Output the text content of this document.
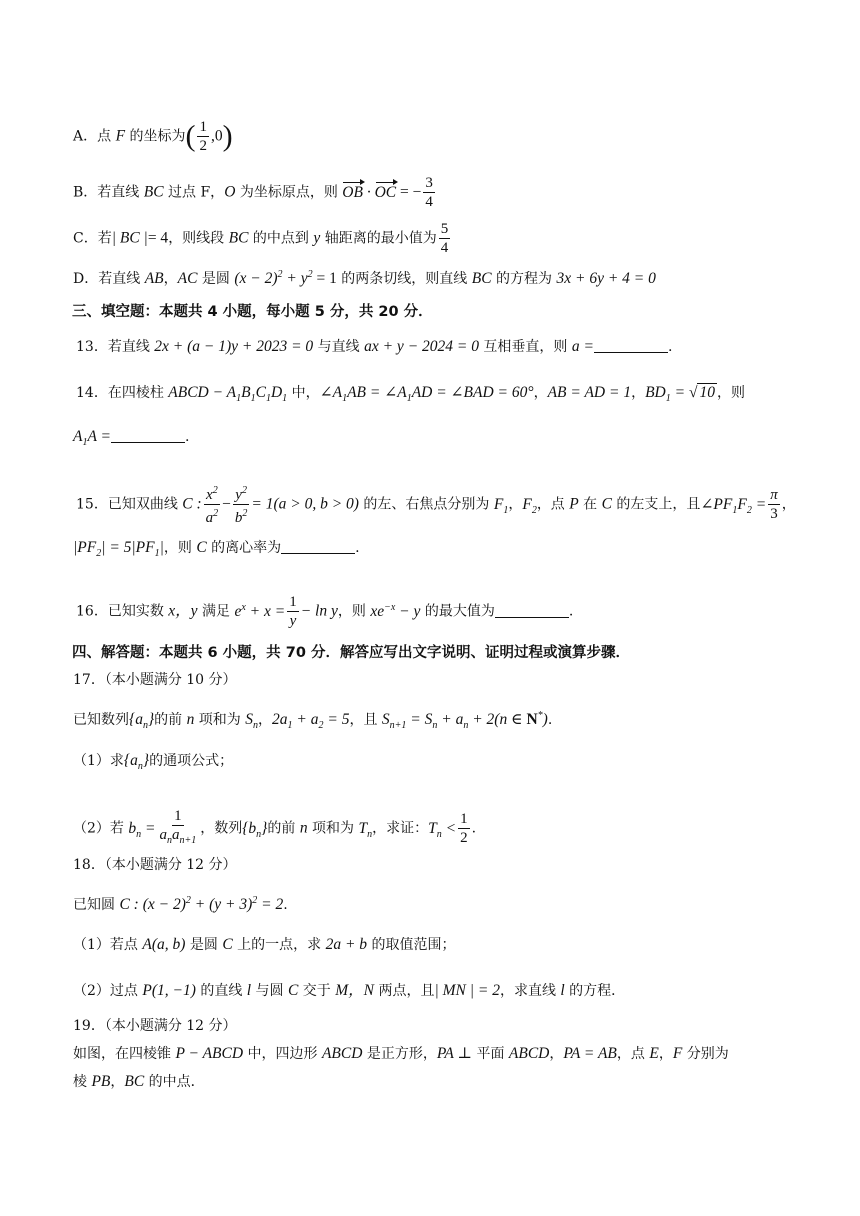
A．点 F 的坐标为( $\frac{1}{2} ,0$)
B．若直线 BC 过点 F，O 为坐标原点，则 OB · OC = − $\frac{3}{4}$
C．若| BC |= 4，则线段 BC 的中点到 y 轴距离的最小值为 $\frac{5}{4}$
D．若直线 AB，AC 是圆 $(x - 2)^2 + y^2 = 1$ 的两条切线，则直线 BC 的方程为 3x + 6y + 4 = 0
三、填空题：本题共 4 小题，每小题 5 分，共 20 分．
13．若直线 2x + (a − 1)y + 2023 = 0 与直线 ax + y − 2024 = 0 互相垂直，则 a =	.
14．在四棱柱 ABCD − $A_1B_1C_1D_1$ 中，$\angle A_1AB$ = $\angle A_1AD$ = ∠BAD = 60°，AB = AD = 1，$BD_1$ = √ 10 ，则
$A_1A$ =	.
15．已知双曲线 C : $\frac{x^2}{a^2} - \frac{y^2}{b^2} = 1(a > 0$, b > 0) 的左、右焦点分别为 $F_1$，$F_2$，点 P 在 C 的左支上，且$\angle PF_1F_2 = \frac{\pi}{3}$ ，
$|PF_2| = 5|PF_1|$，则 C 的离心率为	.
16．已知实数 x，y 满足 $e^x + x = \frac{1}{y} - \ln y$，则 $xe^{-x} - y$ 的最大值为	.
四、解答题：本题共 6 小题，共 70 分．解答应写出文字说明、证明过程或演算步骤．
17．（本小题满分 10 分）
已知数列$\{a_n\}$的前 n 项和为 $S_n$，$2a_1 + a_2 = 5$，且 $S_{n+1} = S_n + a_n + 2(n$ ∈ N*).
（1）求$\{a_n\}$的通项公式；
（2）若 $b_n = \frac{1}{a_na_{n+1}}$ ，数列$\{b_n\}$的前 n 项和为 $T_n$，求证：$T_n < \frac{1}{2}$ .
18．（本小题满分 12 分）
已知圆 C : $(x - 2)^2 + (y + 3)^2 = 2$.
（1）若点 A(a, b) 是圆 C 上的一点，求 2a + b 的取值范围；
（2）过点 P(1, −1) 的直线 l 与圆 C 交于 M，N 两点，且| MN | = 2，求直线 l 的方程．
19．（本小题满分 12 分）
如图，在四棱锥 P − ABCD 中，四边形 ABCD 是正方形，PA ⊥ 平面 ABCD，PA = AB，点 E，F 分别为
棱 PB，BC 的中点．
